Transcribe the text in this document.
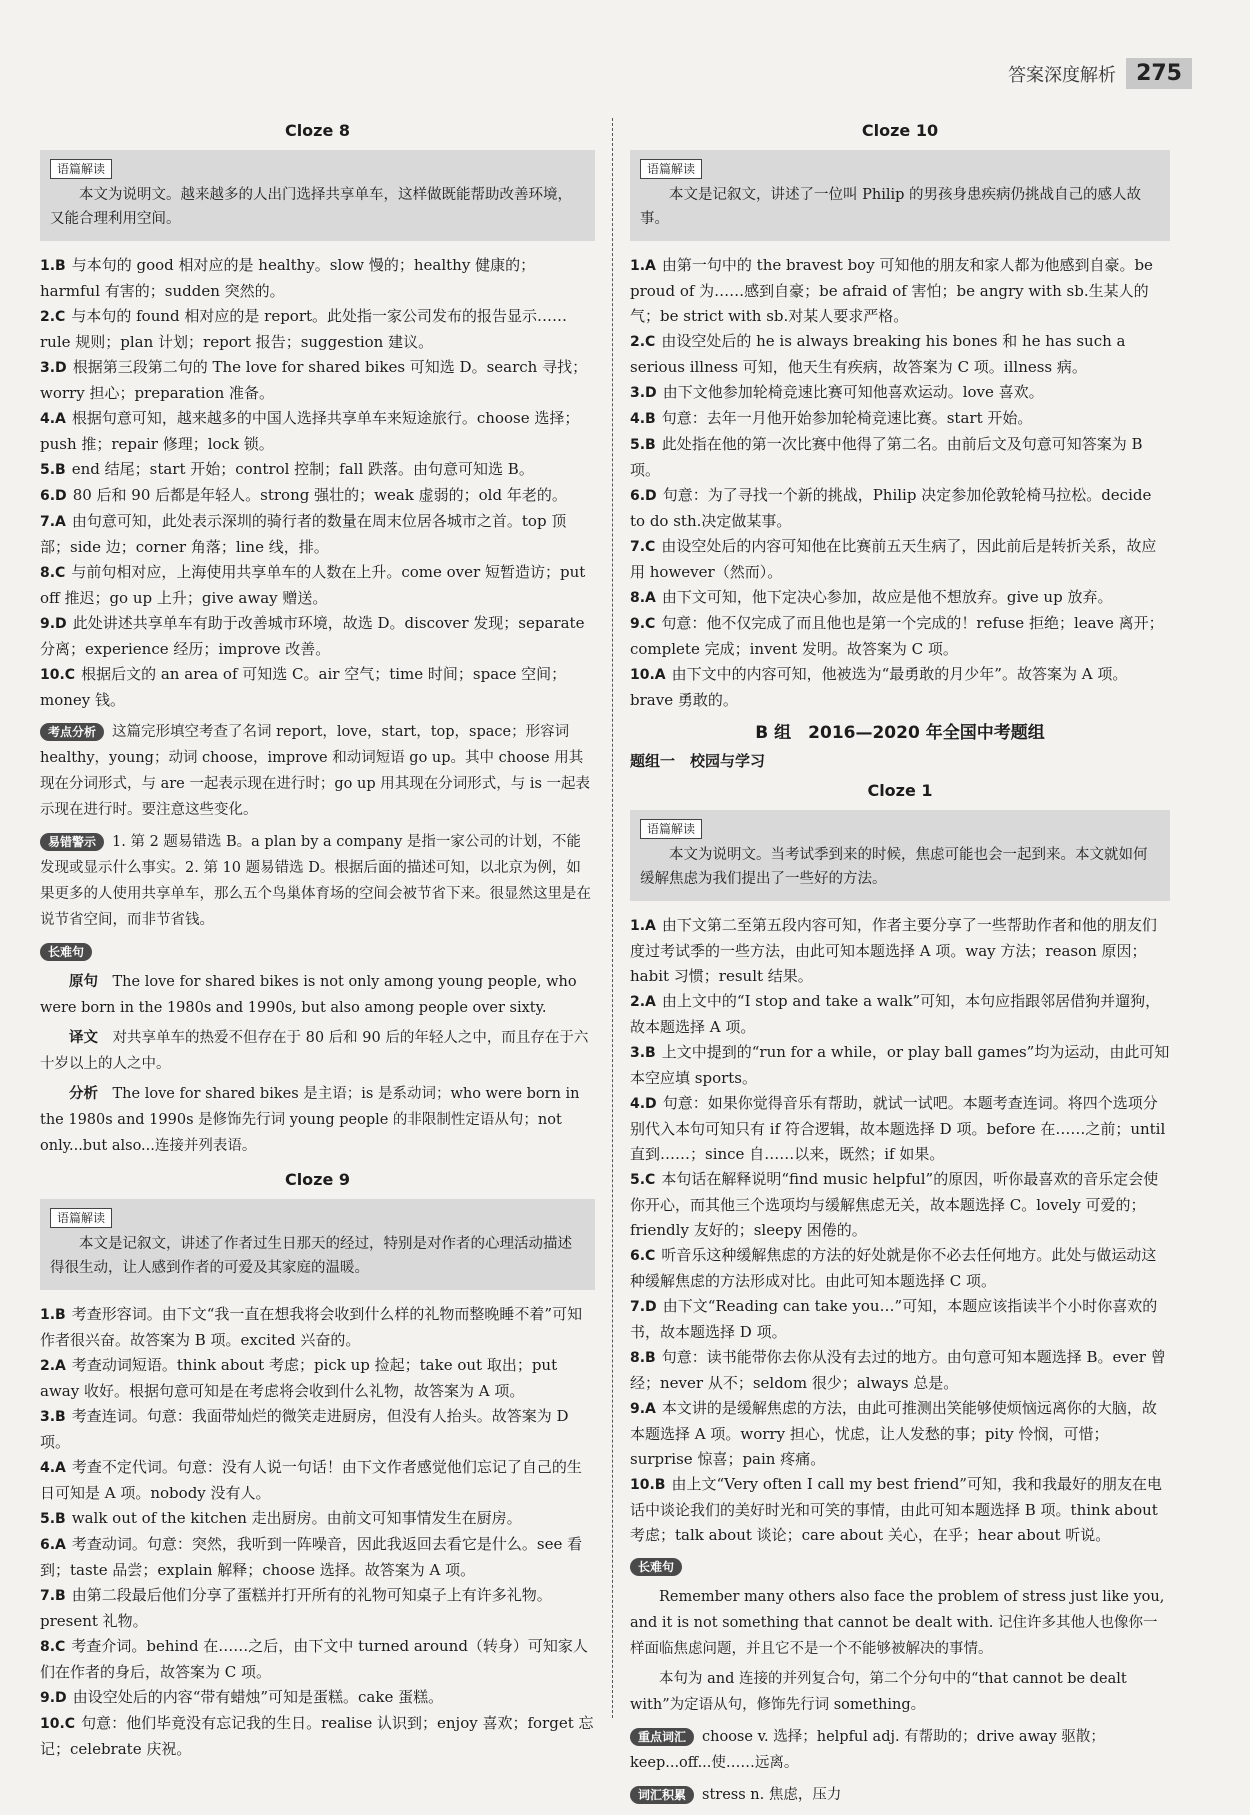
答案深度解析 275
Cloze 8
语篇解读

本文为说明文。越来越多的人出门选择共享单车，这样做既能帮助改善环境，又能合理利用空间。

1.B 与本句的 good 相对应的是 healthy。slow 慢的；healthy 健康的；harmful 有害的；sudden 突然的。

2.C 与本句的 found 相对应的是 report。此处指一家公司发布的报告显示……rule 规则；plan 计划；report 报告；suggestion 建议。

3.D 根据第三段第二句的 The love for shared bikes 可知选 D。search 寻找；worry 担心；preparation 准备。

4.A 根据句意可知，越来越多的中国人选择共享单车来短途旅行。choose 选择；push 推；repair 修理；lock 锁。

5.B end 结尾；start 开始；control 控制；fall 跌落。由句意可知选 B。

6.D 80 后和 90 后都是年轻人。strong 强壮的；weak 虚弱的；old 年老的。

7.A 由句意可知，此处表示深圳的骑行者的数量在周末位居各城市之首。top 顶部；side 边；corner 角落；line 线，排。

8.C 与前句相对应，上海使用共享单车的人数在上升。come over 短暂造访；put off 推迟；go up 上升；give away 赠送。

9.D 此处讲述共享单车有助于改善城市环境，故选 D。discover 发现；separate 分离；experience 经历；improve 改善。

10.C 根据后文的 an area of 可知选 C。air 空气；time 时间；space 空间；money 钱。

考点分析 这篇完形填空考查了名词 report，love，start，top，space；形容词 healthy，young；动词 choose，improve 和动词短语 go up。其中 choose 用其现在分词形式，与 are 一起表示现在进行时；go up 用其现在分词形式，与 is 一起表示现在进行时。要注意这些变化。

易错警示 1. 第 2 题易错选 B。a plan by a company 是指一家公司的计划，不能发现或显示什么事实。2. 第 10 题易错选 D。根据后面的描述可知，以北京为例，如果更多的人使用共享单车，那么五个鸟巢体育场的空间会被节省下来。很显然这里是在说节省空间，而非节省钱。

长难句

原句　 The love for shared bikes is not only among young people, who were born in the 1980s and 1990s, but also among people over sixty.

译文　 对共享单车的热爱不但存在于 80 后和 90 后的年轻人之中，而且存在于六十岁以上的人之中。

分析　 The love for shared bikes 是主语；is 是系动词；who were born in the 1980s and 1990s 是修饰先行词 young people 的非限制性定语从句；not only...but also...连接并列表语。

Cloze 9
语篇解读

本文是记叙文，讲述了作者过生日那天的经过，特别是对作者的心理活动描述得很生动，让人感到作者的可爱及其家庭的温暖。

1.B 考查形容词。由下文“我一直在想我将会收到什么样的礼物而整晚睡不着”可知作者很兴奋。故答案为 B 项。excited 兴奋的。

2.A 考查动词短语。think about 考虑；pick up 捡起；take out 取出；put away 收好。根据句意可知是在考虑将会收到什么礼物，故答案为 A 项。

3.B 考查连词。句意：我面带灿烂的微笑走进厨房，但没有人抬头。故答案为 D 项。

4.A 考查不定代词。句意：没有人说一句话！由下文作者感觉他们忘记了自己的生日可知是 A 项。nobody 没有人。

5.B walk out of the kitchen 走出厨房。由前文可知事情发生在厨房。

6.A 考查动词。句意：突然，我听到一阵噪音，因此我返回去看它是什么。see 看到；taste 品尝；explain 解释；choose 选择。故答案为 A 项。

7.B 由第二段最后他们分享了蛋糕并打开所有的礼物可知桌子上有许多礼物。present 礼物。

8.C 考查介词。behind 在……之后，由下文中 turned around（转身）可知家人们在作者的身后，故答案为 C 项。

9.D 由设空处后的内容“带有蜡烛”可知是蛋糕。cake 蛋糕。

10.C 句意：他们毕竟没有忘记我的生日。realise 认识到；enjoy 喜欢；forget 忘记；celebrate 庆祝。

Cloze 10
语篇解读

本文是记叙文，讲述了一位叫 Philip 的男孩身患疾病仍挑战自己的感人故事。

1.A 由第一句中的 the bravest boy 可知他的朋友和家人都为他感到自豪。be proud of 为……感到自豪；be afraid of 害怕；be angry with sb.生某人的气；be strict with sb.对某人要求严格。

2.C 由设空处后的 he is always breaking his bones 和 he has such a serious illness 可知，他天生有疾病，故答案为 C 项。illness 病。

3.D 由下文他参加轮椅竞速比赛可知他喜欢运动。love 喜欢。

4.B 句意：去年一月他开始参加轮椅竞速比赛。start 开始。

5.B 此处指在他的第一次比赛中他得了第二名。由前后文及句意可知答案为 B 项。

6.D 句意：为了寻找一个新的挑战，Philip 决定参加伦敦轮椅马拉松。decide to do sth.决定做某事。

7.C 由设空处后的内容可知他在比赛前五天生病了，因此前后是转折关系，故应用 however（然而）。

8.A 由下文可知，他下定决心参加，故应是他不想放弃。give up 放弃。

9.C 句意：他不仅完成了而且他也是第一个完成的！refuse 拒绝；leave 离开；complete 完成；invent 发明。故答案为 C 项。

10.A 由下文中的内容可知，他被选为“最勇敢的月少年”。故答案为 A 项。brave 勇敢的。

B 组　2016—2020 年全国中考题组
题组一　校园与学习
Cloze 1
语篇解读

本文为说明文。当考试季到来的时候，焦虑可能也会一起到来。本文就如何缓解焦虑为我们提出了一些好的方法。

1.A 由下文第二至第五段内容可知，作者主要分享了一些帮助作者和他的朋友们度过考试季的一些方法，由此可知本题选择 A 项。way 方法；reason 原因；habit 习惯；result 结果。

2.A 由上文中的“I stop and take a walk”可知，本句应指跟邻居借狗并遛狗，故本题选择 A 项。

3.B 上文中提到的“run for a while，or play ball games”均为运动，由此可知本空应填 sports。

4.D 句意：如果你觉得音乐有帮助，就试一试吧。本题考查连词。将四个选项分别代入本句可知只有 if 符合逻辑，故本题选择 D 项。before 在……之前；until 直到……；since 自……以来，既然；if 如果。

5.C 本句话在解释说明“find music helpful”的原因，听你最喜欢的音乐定会使你开心，而其他三个选项均与缓解焦虑无关，故本题选择 C。lovely 可爱的；friendly 友好的；sleepy 困倦的。

6.C 听音乐这种缓解焦虑的方法的好处就是你不必去任何地方。此处与做运动这种缓解焦虑的方法形成对比。由此可知本题选择 C 项。

7.D 由下文“Reading can take you…”可知，本题应该指读半个小时你喜欢的书，故本题选择 D 项。

8.B 句意：读书能带你去你从没有去过的地方。由句意可知本题选择 B。ever 曾经；never 从不；seldom 很少；always 总是。

9.A 本文讲的是缓解焦虑的方法，由此可推测出笑能够使烦恼远离你的大脑，故本题选择 A 项。worry 担心，忧虑，让人发愁的事；pity 怜悯，可惜；surprise 惊喜；pain 疼痛。

10.B 由上文“Very often I call my best friend”可知，我和我最好的朋友在电话中谈论我们的美好时光和可笑的事情，由此可知本题选择 B 项。think about 考虑；talk about 谈论；care about 关心，在乎；hear about 听说。

长难句

Remember many others also face the problem of stress just like you, and it is not something that cannot be dealt with. 记住许多其他人也像你一样面临焦虑问题，并且它不是一个不能够被解决的事情。

本句为 and 连接的并列复合句，第二个分句中的“that cannot be dealt with”为定语从句，修饰先行词 something。

重点词汇 choose v. 选择；helpful adj. 有帮助的；drive away 驱散；keep...off...使……远离。

词汇积累 stress n. 焦虑，压力
